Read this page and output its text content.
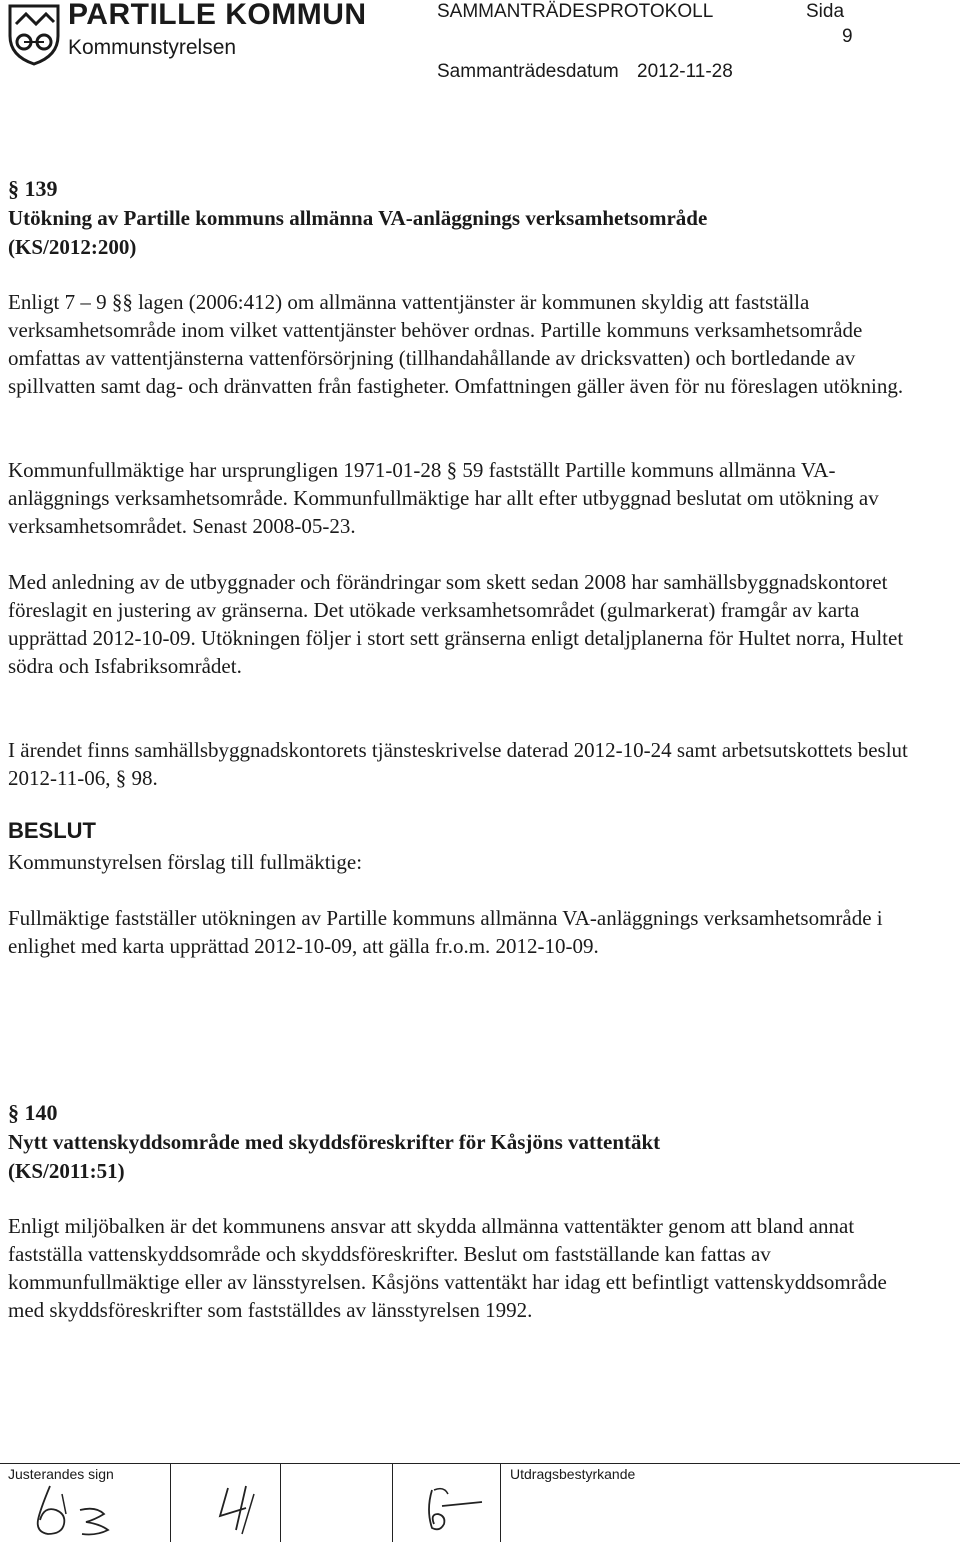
PARTILLE KOMMUN
Kommunstyrelsen
SAMMANTRÄDESPROTOKOLL	Sida
9
Sammanträdesdatum 2012-11-28
§ 139
Utökning av Partille kommuns allmänna VA-anläggnings verksamhetsområde
(KS/2012:200)

Enligt 7 – 9 §§ lagen (2006:412) om allmänna vattentjänster är kommunen skyldig att fastställa verksamhetsområde inom vilket vattentjänster behöver ordnas. Partille kommuns verksamhetsområde omfattas av vattentjänsterna vattenförsörjning (tillhandahållande av dricksvatten) och bortledande av spillvatten samt dag- och dränvatten från fastigheter. Omfattningen gäller även för nu föreslagen utökning.

Kommunfullmäktige har ursprungligen 1971-01-28 § 59 fastställt Partille kommuns allmänna VA-anläggnings verksamhetsområde. Kommunfullmäktige har allt efter utbyggnad beslutat om utökning av verksamhetsområdet. Senast 2008-05-23.

Med anledning av de utbyggnader och förändringar som skett sedan 2008 har samhällsbyggnadskontoret föreslagit en justering av gränserna. Det utökade verksamhetsområdet (gulmarkerat) framgår av karta upprättad 2012-10-09. Utökningen följer i stort sett gränserna enligt detaljplanerna för Hultet norra, Hultet södra och Isfabriksområdet.

I ärendet finns samhällsbyggnadskontorets tjänsteskrivelse daterad 2012-10-24 samt arbetsutskottets beslut 2012-11-06, § 98.

BESLUT

Kommunstyrelsen förslag till fullmäktige:

Fullmäktige fastställer utökningen av Partille kommuns allmänna VA-anläggnings verksamhetsområde i enlighet med karta upprättad 2012-10-09, att gälla fr.o.m. 2012-10-09.

§ 140
Nytt vattenskyddsområde med skyddsföreskrifter för Kåsjöns vattentäkt
(KS/2011:51)

Enligt miljöbalken är det kommunens ansvar att skydda allmänna vattentäkter genom att bland annat fastställa vattenskyddsområde och skyddsföreskrifter. Beslut om fastställande kan fattas av kommunfullmäktige eller av länsstyrelsen. Kåsjöns vattentäkt har idag ett befintligt vattenskyddsområde med skyddsföreskrifter som fastställdes av länsstyrelsen 1992.

Justerandes sign	Utdragsbestyrkande
